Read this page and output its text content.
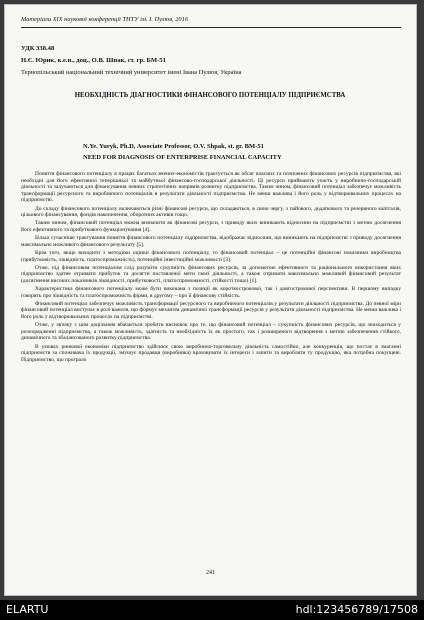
Матеріали ХІХ наукової конференції ТНТУ ім. І. Пулюя, 2016
УДК 338.48
Н.Є. Юрик, к.е.н., доц., О.В. Шпак, ст. гр. БМ-51
Тернопільський національний технічний університет імені Івана Пулюя, Україна
НЕОБХІДНІСТЬ ДІАГНОСТИКИ ФІНАНСОВОГО ПОТЕНЦІАЛУ ПІДПРИЄМСТВА
N.Ye. Yuryk, Ph.D, Associate Professor, O.V. Shpak, st. gr. BM-51
NEED FOR DIAGNOSIS OF ENTERPRISE FINANCIAL CAPACITY

Поняття фінансового потенціалу в працях багатьох вчених-економістів трактується як обсяг власних та позичених фінансових ресурсів підприємства, які необхідні для його ефективної теперішньої та майбутньої фінансово-господарської діяльності. Ці ресурси приймають участь у виробничо-господарській діяльності та залучаються для фінансування певних стратегічних напрямів розвитку підприємства. Таким чином, фінансовий потенціал забезпечує можливість трансформації ресурсного та виробничого потенціалів в результати діяльності підприємства. Не менш важлива і його роль у відтворювальних процесах на підприємстві.

До складу фінансового потенціалу включаються різні фінансові ресурси, що складаються, в свою чергу, з пайового, додаткового та резервного капіталів, цільового фінансування, фондів накопичення, оборотних активів тощо.

Таким чином, фінансовий потенціал можна визначити як фінансові ресурси, з приводу яких виникають відносини на підприємстві з метою досягнення його ефективного та прибуткового функціонування [4].

Більш сучасніше трактування поняття фінансового потенціалу підприємства, відображає відносини, що виникають на підприємстві з приводу досягнення максимально можливого фінансового результату [5].

Крім того, якщо виходити з методики оцінки фінансового потенціалу, то фінансовий потенціал – це потенційні фінансові показники виробництва (прибутковість, ліквідність, платоспроможність), потенційні інвестиційні можливості [3].

Отже, під фінансовим потенціалом слід розуміти сукупність фінансових ресурсів, за допомогою ефективного та раціонального використання яких підприємство здатне отримати прибуток та досягти поставленої мети своєї діяльності, а також отримати максимально можливий фінансовий результат (досягнення високих показників ліквідності, прибутковості, платоспроможності, стійкості тощо) [1].

Характеристика фінансового потенціалу може бути виконана з позиції як короткострокової, так і довгострокової перспективи. В першому випадку говорять про ліквідність та платоспроможність фірми, в другому – про її фінансову стійкість.

Фінансовий потенціал забезпечує можливість трансформації ресурсного та виробничого потенціалів у результати діяльності підприємства. До певної міри фінансовий потенціал виступає в ролі важеля, що формує механізм динамічної трансформації ресурсів у результати діяльності підприємства. Не менш важлива і його роль у відтворювальних процесах на підприємстві.

Отже, у зв'язку з цим доцільним вбачається зробити висновок про те, що фінансовий потенціал – сукупність фінансових ресурсів, що знаходиться у розпорядженні підприємства, а також можливість, здатність та необхідність їх як простого, так і розширеного відтворення з метою забезпечення стійкого, динамічного та збалансованого розвитку підприємства.

В умовах ринкової економіки підприємство здійснює свою виробничо-торговельну діяльність самостійно, але конкуренція, що постає в змаганні підприємств за споживача їх продукції, змушує продавця (виробника) враховувати їх інтереси і запити та виробляти ту продукцію, яка потрібна покупцеві. Підприємство, що програло

241
ELARTU	hdl:123456789/17508
